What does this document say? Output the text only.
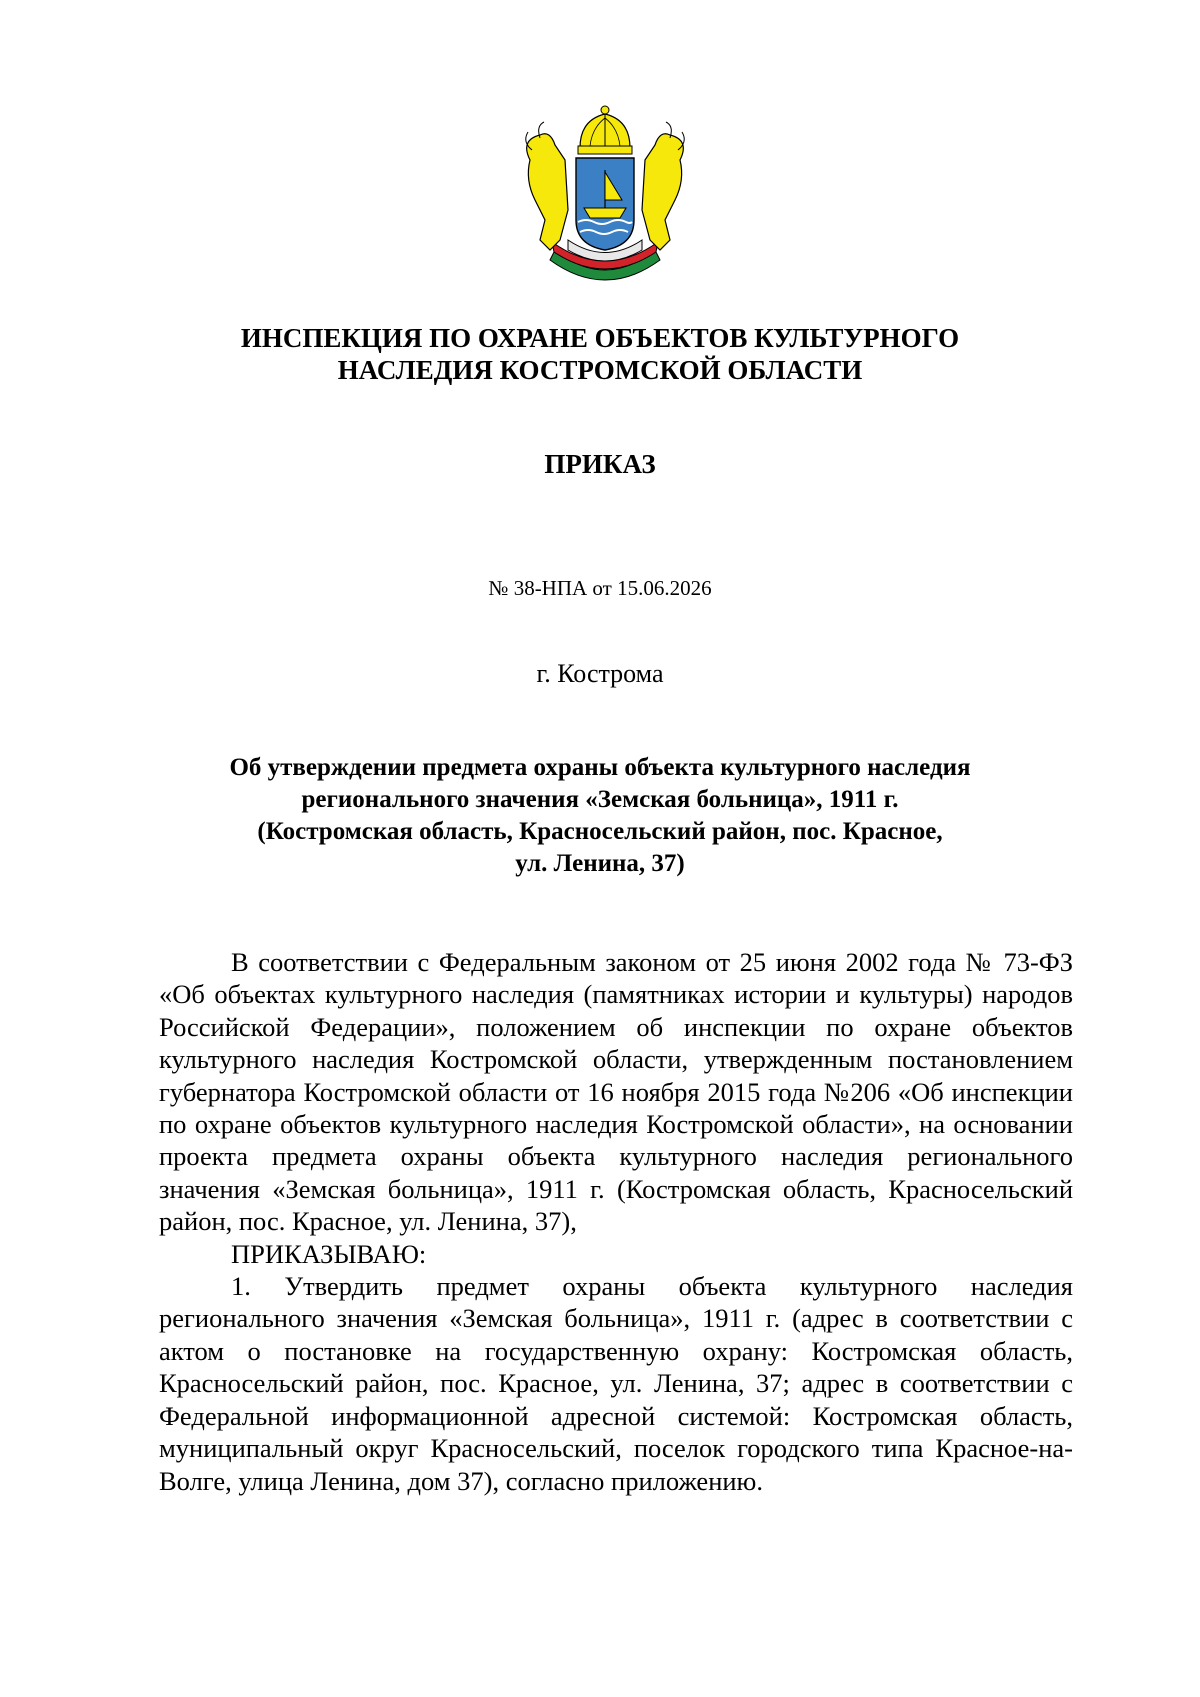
ИНСПЕКЦИЯ ПО ОХРАНЕ ОБЪЕКТОВ КУЛЬТУРНОГО
НАСЛЕДИЯ КОСТРОМСКОЙ ОБЛАСТИ
ПРИКАЗ
№ 38-НПА от 15.06.2026
г. Кострома
Об утверждении предмета охраны объекта культурного наследия
регионального значения «Земская больница», 1911 г.
(Костромская область, Красносельский район, пос. Красное,
ул. Ленина, 37)

В соответствии с Федеральным законом от 25 июня 2002 года № 73-ФЗ «Об объектах культурного наследия (памятниках истории и культуры) народов Российской Федерации», положением об инспекции по охране объектов культурного наследия Костромской области, утвержденным постановлением губернатора Костромской области от 16 ноября 2015 года №206 «Об инспекции по охране объектов культурного наследия Костромской области», на основании проекта предмета охраны объекта культурного наследия регионального значения «Земская больница», 1911 г. (Костромская область, Красносельский район, пос. Красное, ул. Ленина, 37),

ПРИКАЗЫВАЮ:

1. Утвердить предмет охраны объекта культурного наследия регионального значения «Земская больница», 1911 г. (адрес в соответствии с актом о постановке на государственную охрану: Костромская область, Красносельский район, пос. Красное, ул. Ленина, 37; адрес в соответствии с Федеральной информационной адресной системой: Костромская область, муниципальный округ Красносельский, поселок городского типа Красное-на-Волге, улица Ленина, дом 37), согласно приложению.
